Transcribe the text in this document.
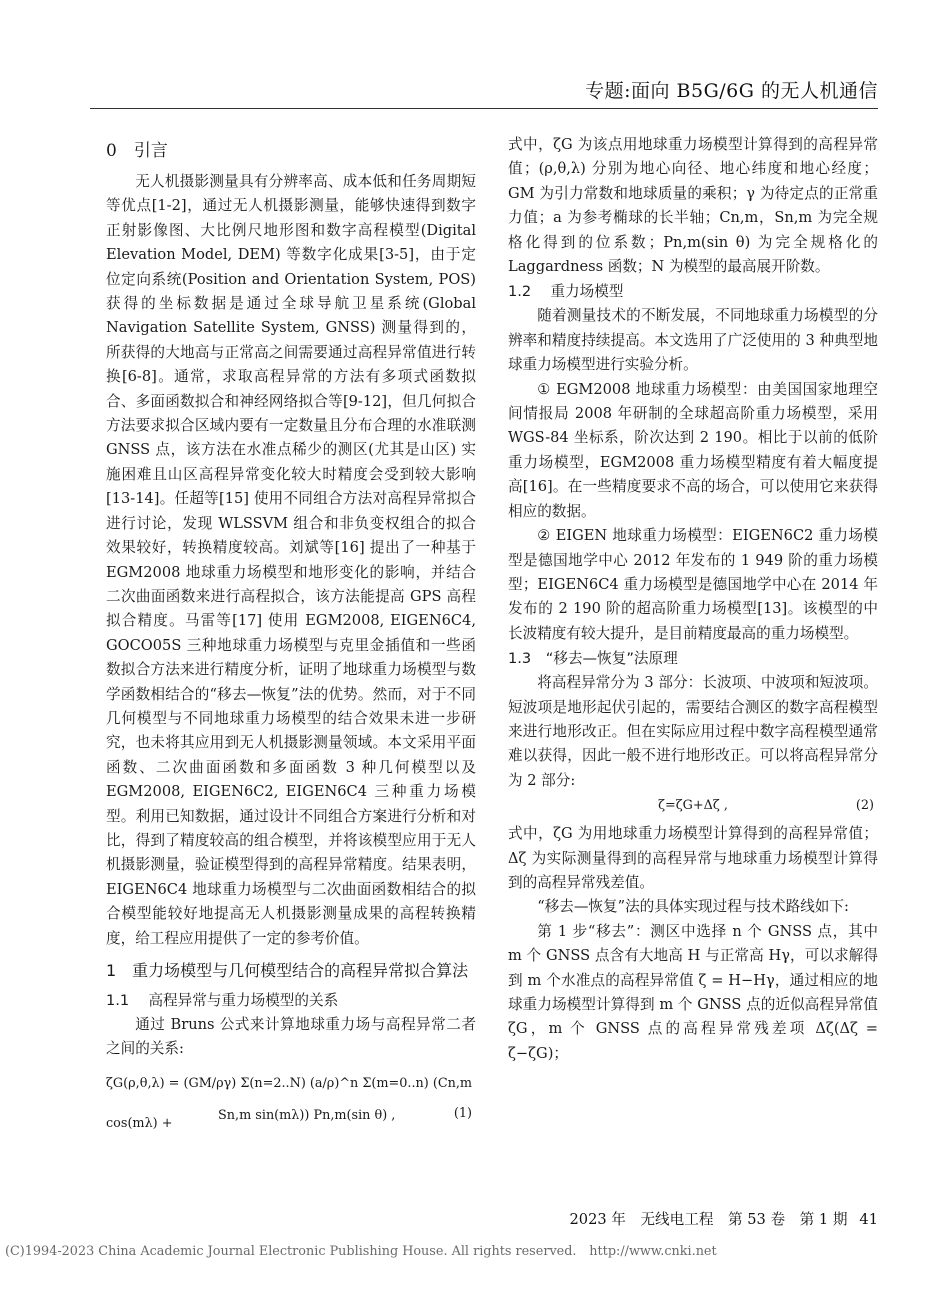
专题:面向 B5G/6G 的无人机通信
0　引言

无人机摄影测量具有分辨率高、成本低和任务周期短等优点[1-2]，通过无人机摄影测量，能够快速得到数字正射影像图、大比例尺地形图和数字高程模型(Digital Elevation Model, DEM) 等数字化成果[3-5]，由于定位定向系统(Position and Orientation System, POS) 获得的坐标数据是通过全球导航卫星系统(Global Navigation Satellite System, GNSS) 测量得到的，所获得的大地高与正常高之间需要通过高程异常值进行转换[6-8]。通常，求取高程异常的方法有多项式函数拟合、多面函数拟合和神经网络拟合等[9-12]，但几何拟合方法要求拟合区域内要有一定数量且分布合理的水准联测 GNSS 点，该方法在水准点稀少的测区(尤其是山区) 实施困难且山区高程异常变化较大时精度会受到较大影响[13-14]。任超等[15] 使用不同组合方法对高程异常拟合进行讨论，发现 WLSSVM 组合和非负变权组合的拟合效果较好，转换精度较高。刘斌等[16] 提出了一种基于 EGM2008 地球重力场模型和地形变化的影响，并结合二次曲面函数来进行高程拟合，该方法能提高 GPS 高程拟合精度。马雷等[17] 使用 EGM2008, EIGEN6C4, GOCO05S 三种地球重力场模型与克里金插值和一些函数拟合方法来进行精度分析，证明了地球重力场模型与数学函数相结合的“移去—恢复”法的优势。然而，对于不同几何模型与不同地球重力场模型的结合效果未进一步研究，也未将其应用到无人机摄影测量领域。本文采用平面函数、二次曲面函数和多面函数 3 种几何模型以及 EGM2008, EIGEN6C2, EIGEN6C4 三种重力场模型。利用已知数据，通过设计不同组合方案进行分析和对比，得到了精度较高的组合模型，并将该模型应用于无人机摄影测量，验证模型得到的高程异常精度。结果表明，EIGEN6C4 地球重力场模型与二次曲面函数相结合的拟合模型能较好地提高无人机摄影测量成果的高程转换精度，给工程应用提供了一定的参考价值。

1　重力场模型与几何模型结合的高程异常拟合算法
1.1　 高程异常与重力场模型的关系

通过 Bruns 公式来计算地球重力场与高程异常二者之间的关系:

ζG(ρ,θ,λ) = (GM/ργ) Σ(n=2..N) (a/ρ)^n Σ(m=0..n) (Cn,m cos(mλ) +
Sn,m sin(mλ)) Pn,m(sin θ) ,	(1)

式中，ζG 为该点用地球重力场模型计算得到的高程异常值；(ρ,θ,λ) 分别为地心向径、地心纬度和地心经度；GM 为引力常数和地球质量的乘积；γ 为待定点的正常重力值；a 为参考椭球的长半轴；Cn,m，Sn,m 为完全规格化得到的位系数；Pn,m(sin θ) 为完全规格化的 Laggardness 函数；N 为模型的最高展开阶数。

1.2　 重力场模型

随着测量技术的不断发展，不同地球重力场模型的分辨率和精度持续提高。本文选用了广泛使用的 3 种典型地球重力场模型进行实验分析。

① EGM2008 地球重力场模型：由美国国家地理空间情报局 2008 年研制的全球超高阶重力场模型，采用 WGS-84 坐标系，阶次达到 2 190。相比于以前的低阶重力场模型，EGM2008 重力场模型精度有着大幅度提高[16]。在一些精度要求不高的场合，可以使用它来获得相应的数据。

② EIGEN 地球重力场模型：EIGEN6C2 重力场模型是德国地学中心 2012 年发布的 1 949 阶的重力场模型；EIGEN6C4 重力场模型是德国地学中心在 2014 年发布的 2 190 阶的超高阶重力场模型[13]。该模型的中长波精度有较大提升，是目前精度最高的重力场模型。

1.3　“移去—恢复”法原理

将高程异常分为 3 部分：长波项、中波项和短波项。短波项是地形起伏引起的，需要结合测区的数字高程模型来进行地形改正。但在实际应用过程中数字高程模型通常难以获得，因此一般不进行地形改正。可以将高程异常分为 2 部分:

ζ=ζG+Δζ ,	(2)

式中，ζG 为用地球重力场模型计算得到的高程异常值；Δζ 为实际测量得到的高程异常与地球重力场模型计算得到的高程异常残差值。

“移去—恢复”法的具体实现过程与技术路线如下:

第 1 步“移去”：测区中选择 n 个 GNSS 点，其中 m 个 GNSS 点含有大地高 H 与正常高 Hγ，可以求解得到 m 个水准点的高程异常值 ζ = H−Hγ，通过相应的地球重力场模型计算得到 m 个 GNSS 点的近似高程异常值 ζG，m 个 GNSS 点的高程异常残差项 Δζ(Δζ = ζ−ζG)；

2023 年　无线电工程　第 53 卷　第 1 期 41
(C)1994-2023 China Academic Journal Electronic Publishing House. All rights reserved.　http://www.cnki.net
